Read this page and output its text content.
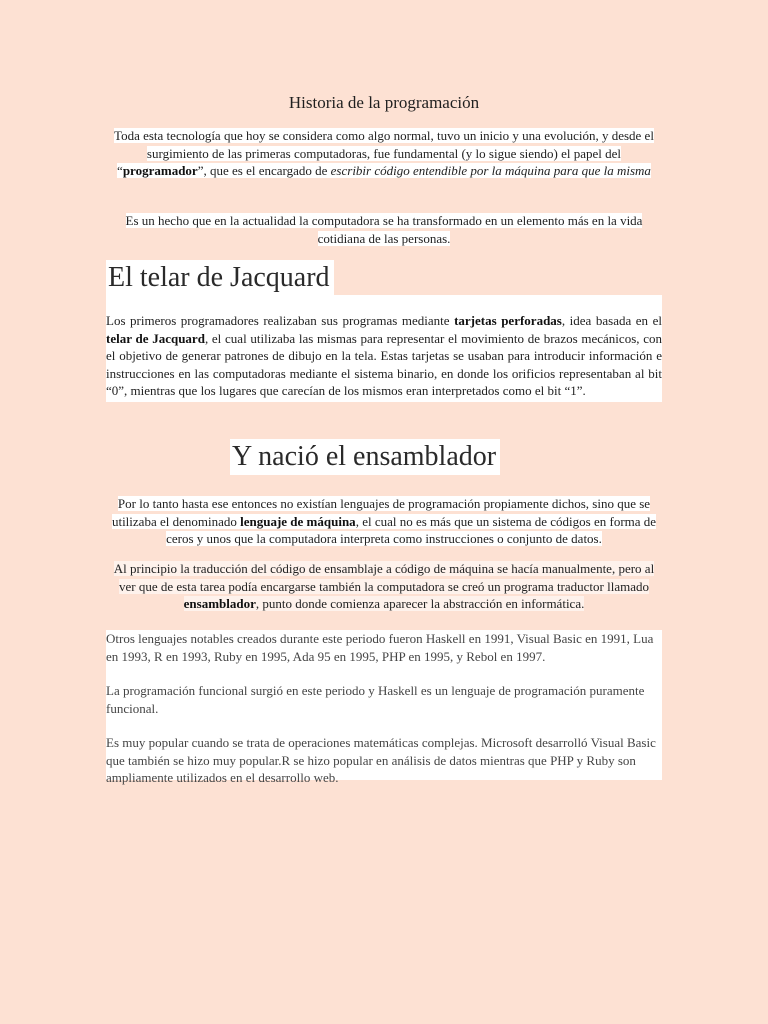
Historia de la programación
Toda esta tecnología que hoy se considera como algo normal, tuvo un inicio y una evolución, y desde el surgimiento de las primeras computadoras, fue fundamental (y lo sigue siendo) el papel del “programador”, que es el encargado de escribir código entendible por la máquina para que la misma
Es un hecho que en la actualidad la computadora se ha transformado en un elemento más en la vida cotidiana de las personas.
El telar de Jacquard
Los primeros programadores realizaban sus programas mediante tarjetas perforadas, idea basada en el telar de Jacquard, el cual utilizaba las mismas para representar el movimiento de brazos mecánicos, con el objetivo de generar patrones de dibujo en la tela. Estas tarjetas se usaban para introducir información e instrucciones en las computadoras mediante el sistema binario, en donde los orificios representaban al bit “0”, mientras que los lugares que carecían de los mismos eran interpretados como el bit “1”.
Y nació el ensamblador
Por lo tanto hasta ese entonces no existían lenguajes de programación propiamente dichos, sino que se utilizaba el denominado lenguaje de máquina, el cual no es más que un sistema de códigos en forma de ceros y unos que la computadora interpreta como instrucciones o conjunto de datos.
Al principio la traducción del código de ensamblaje a código de máquina se hacía manualmente, pero al ver que de esta tarea podía encargarse también la computadora se creó un programa traductor llamado ensamblador, punto donde comienza aparecer la abstracción en informática.
Otros lenguajes notables creados durante este periodo fueron Haskell en 1991, Visual Basic en 1991, Lua en 1993, R en 1993, Ruby en 1995, Ada 95 en 1995, PHP en 1995, y Rebol en 1997.
La programación funcional surgió en este periodo y Haskell es un lenguaje de programación puramente funcional.
Es muy popular cuando se trata de operaciones matemáticas complejas. Microsoft desarrolló Visual Basic que también se hizo muy popular.R se hizo popular en análisis de datos mientras que PHP y Ruby son ampliamente utilizados en el desarrollo web.
